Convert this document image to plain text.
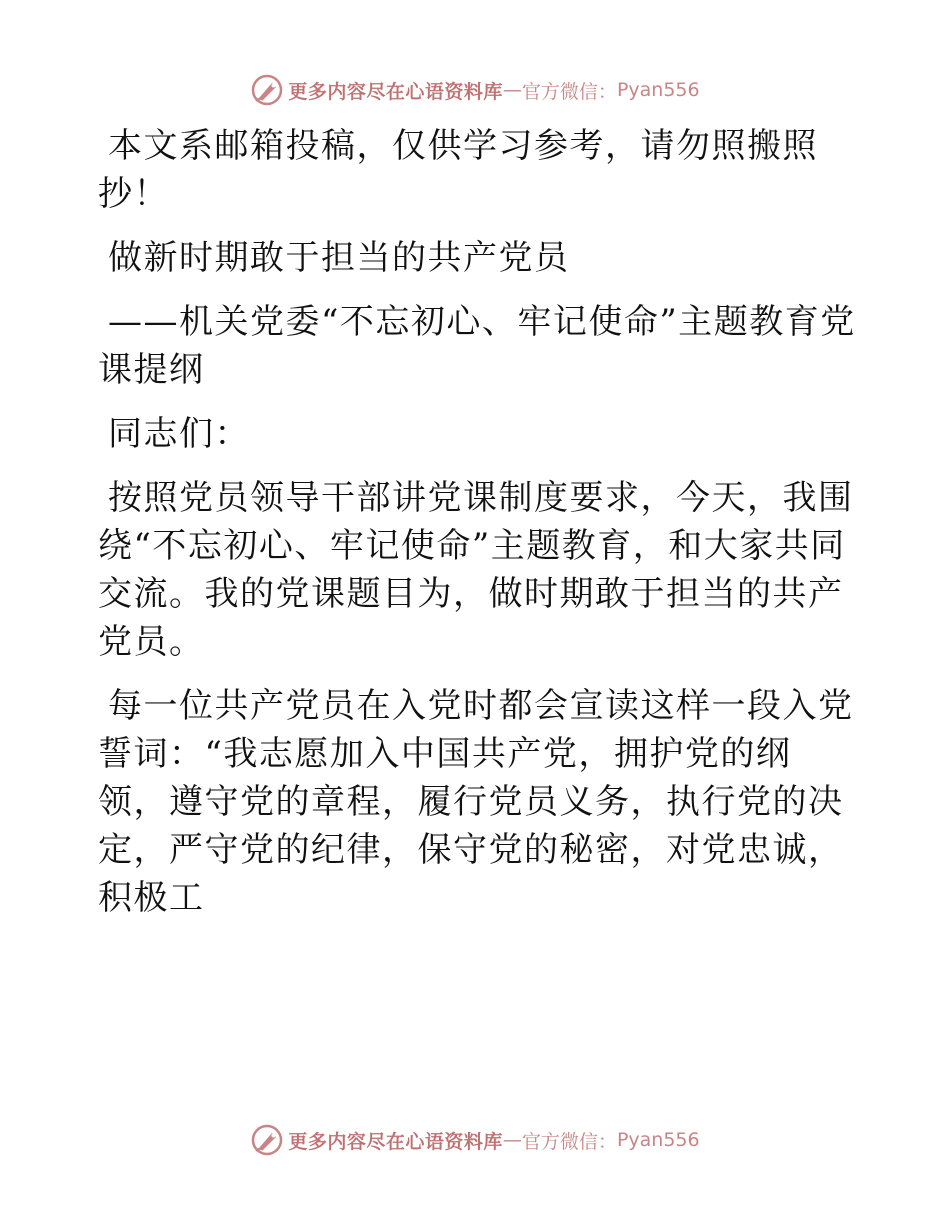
更多内容尽在心语资料库 — 官方微信： Pyan556

本文系邮箱投稿，仅供学习参考，请勿照搬照抄！

做新时期敢于担当的共产党员

——机关党委“不忘初心、牢记使命”主题教育党课提纲

同志们：

按照党员领导干部讲党课制度要求，今天，我围绕“不忘初心、牢记使命”主题教育，和大家共同交流。我的党课题目为，做时期敢于担当的共产党员。

每一位共产党员在入党时都会宣读这样一段入党誓词：“我志愿加入中国共产党，拥护党的纲领，遵守党的章程，履行党员义务，执行党的决定，严守党的纪律，保守党的秘密，对党忠诚，积极工

更多内容尽在心语资料库 — 官方微信： Pyan556
